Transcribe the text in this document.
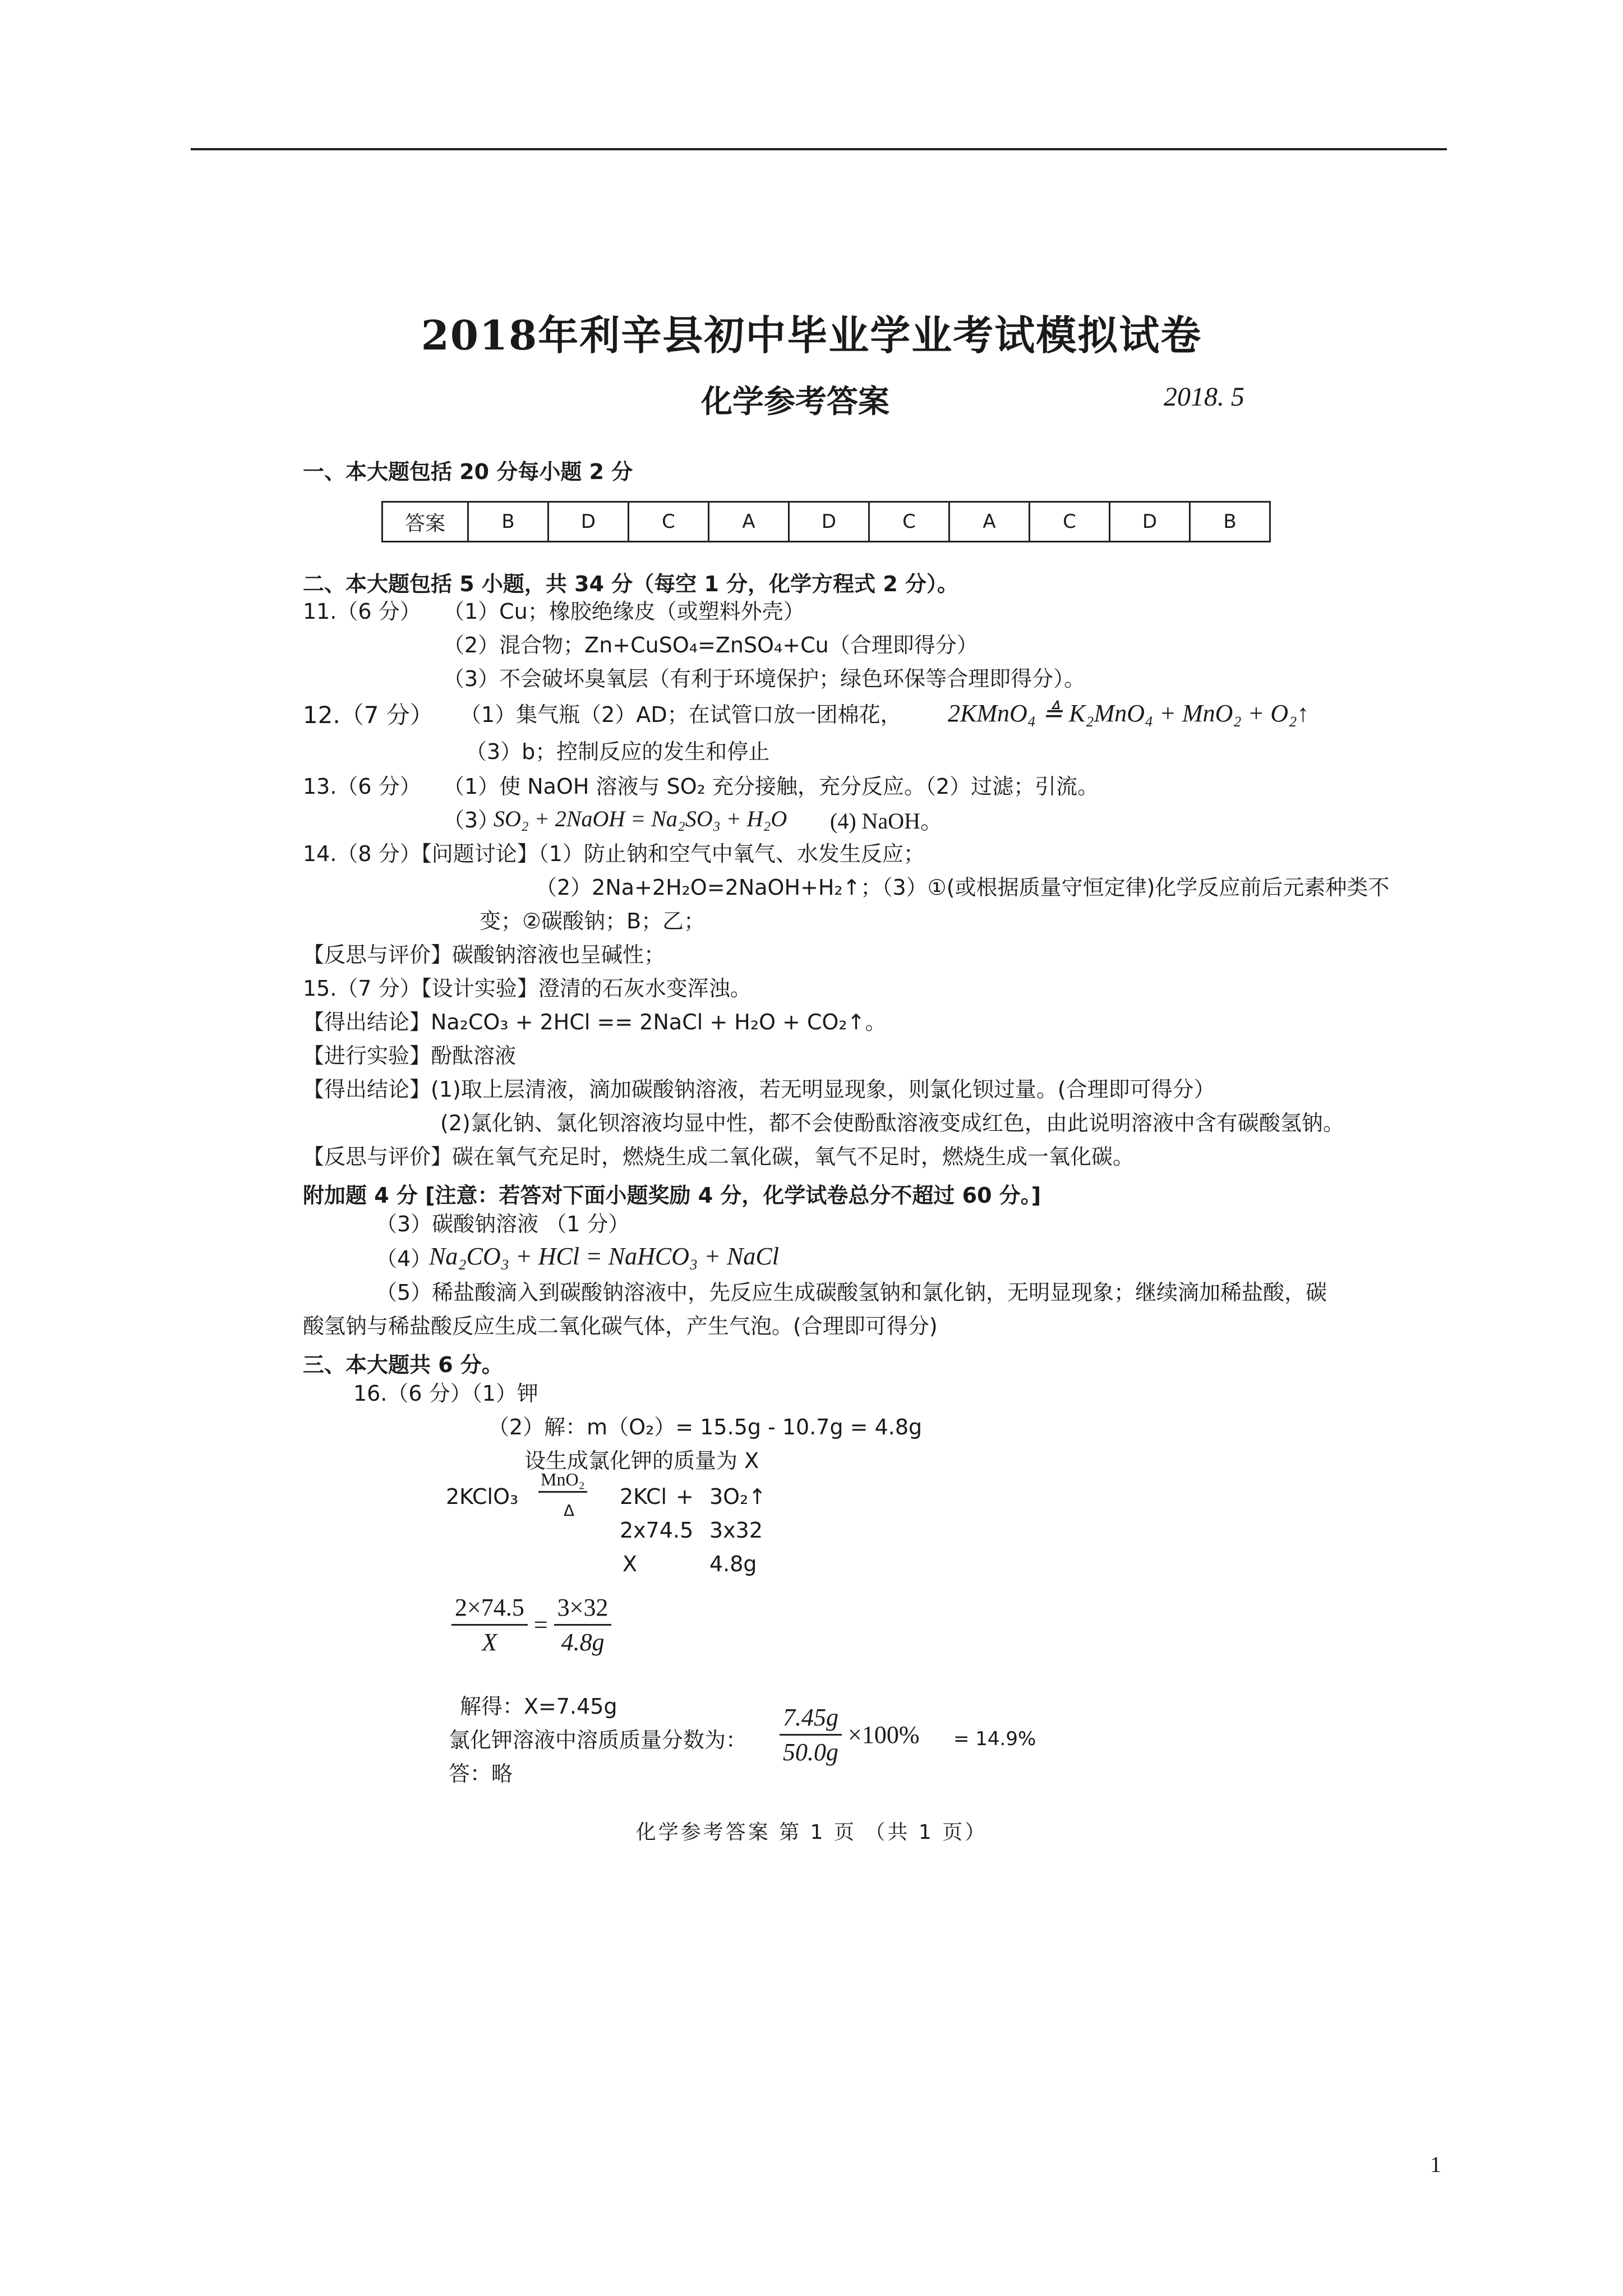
2018年利辛县初中毕业学业考试模拟试卷
化学参考答案	2018. 5
一、本大题包括 20 分每小题 2 分
答案	B	D	C	A	D	C	A	C	D	B
二、本大题包括 5 小题，共 34 分（每空 1 分，化学方程式 2 分）。
11.（6 分） （1）Cu；橡胶绝缘皮（或塑料外壳）
（2）混合物；Zn+CuSO₄=ZnSO₄+Cu（合理即得分）
（3）不会破坏臭氧层（有利于环境保护；绿色环保等合理即得分）。
12.（7 分） （1）集气瓶（2）AD；在试管口放一团棉花， 2KMnO₄ ≜ K₂MnO₄ + MnO₂ + O₂↑
（3）b；控制反应的发生和停止
13.（6 分） （1）使 NaOH 溶液与 SO₂ 充分接触，充分反应。（2）过滤；引流。
（3）
SO₂ + 2NaOH = Na₂SO₃ + H₂O (4) NaOH。
14.（8 分）【问题讨论】（1）防止钠和空气中氧气、水发生反应；
（2）2Na+2H₂O=2NaOH+H₂↑；（3）①(或根据质量守恒定律)化学反应前后元素种类不
变；②碳酸钠；B；乙；
【反思与评价】碳酸钠溶液也呈碱性；
15.（7 分）【设计实验】澄清的石灰水变浑浊。
【得出结论】Na₂CO₃ + 2HCl == 2NaCl + H₂O + CO₂↑。
【进行实验】酚酞溶液
【得出结论】(1)取上层清液，滴加碳酸钠溶液，若无明显现象，则氯化钡过量。(合理即可得分）
(2)氯化钠、氯化钡溶液均显中性，都不会使酚酞溶液变成红色，由此说明溶液中含有碳酸氢钠。
【反思与评价】碳在氧气充足时，燃烧生成二氧化碳，氧气不足时，燃烧生成一氧化碳。
附加题 4 分 [注意：若答对下面小题奖励 4 分，化学试卷总分不超过 60 分。]
（3）碳酸钠溶液 （1 分）
（4）
Na₂CO₃ + HCl = NaHCO₃ + NaCl
（5）稀盐酸滴入到碳酸钠溶液中，先反应生成碳酸氢钠和氯化钠，无明显现象；继续滴加稀盐酸，碳
酸氢钠与稀盐酸反应生成二氧化碳气体，产生气泡。(合理即可得分)
三、本大题共 6 分。
16.（6 分）（1）钾
（2）解：m（O₂）= 15.5g - 10.7g = 4.8g
设生成氯化钾的质量为 X
2KClO₃
MnO₂
Δ
2KCl + 3O₂↑
2x74.5 3x32
X	4.8g
$\frac{2\times 74.5}{X} = \frac{3\times 32}{4.8g}$
解得：X=7.45g
氯化钾溶液中溶质质量分数为： $\frac{7.45g}{50.0g} \times 100\% = 14.9\%$
答：略
化学参考答案 第 1 页 （共 1 页）
1
